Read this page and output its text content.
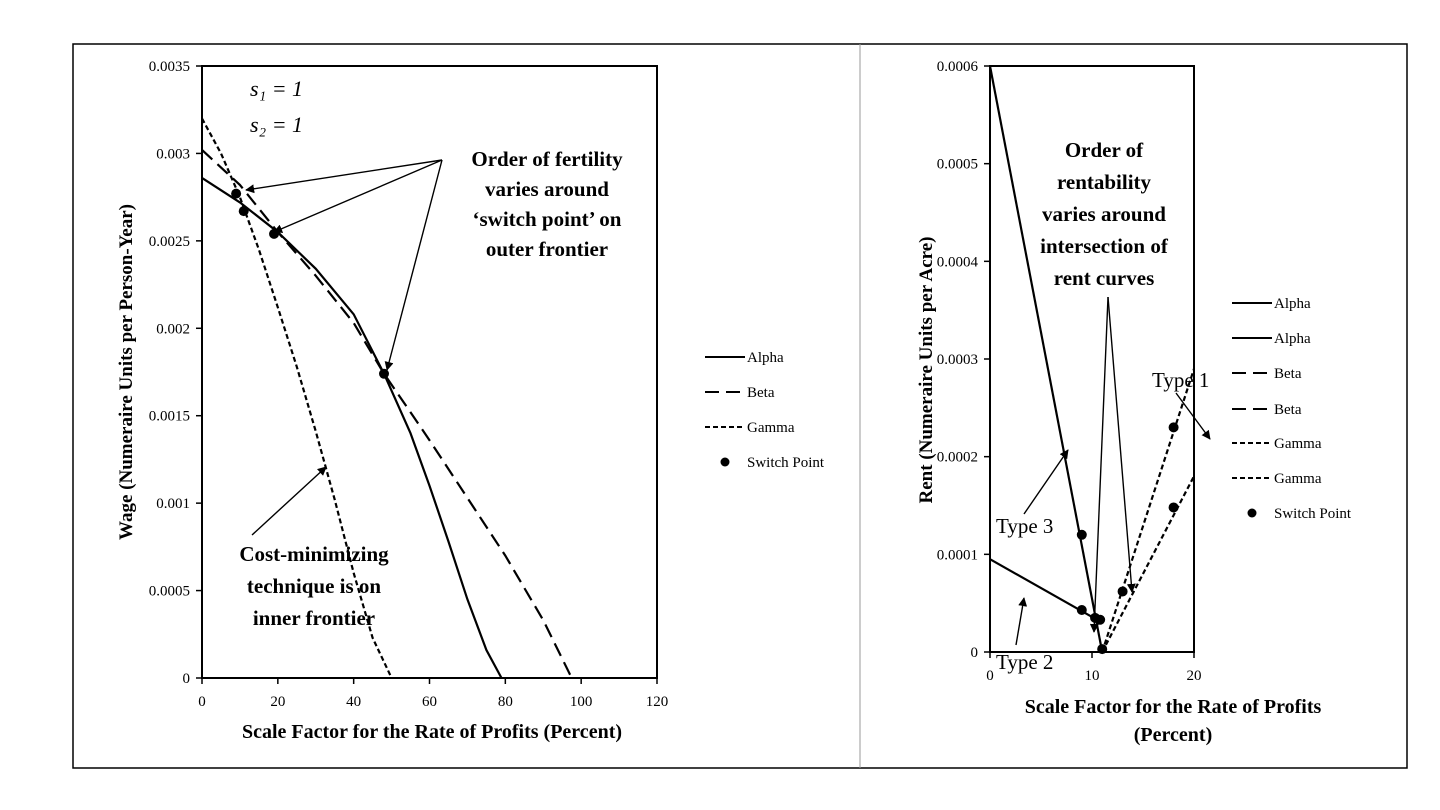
0
0.0005
0.001
0.0015
0.002
0.0025
0.003
0.0035
0	20	40	60	80	100	120
Wage (Numeraire Units per Person-Year)
Scale Factor for the Rate of Profits (Percent)
s₁ = 1
s₂ = 1
Order of fertility
varies around
‘switch point’ on
outer frontier
Cost-minimizing
technique is on
inner frontier
Alpha
Beta
Gamma
Switch Point
0
0.0001
0.0002
0.0003
0.0004
0.0005
0.0006
0	10	20
Rent (Numeraire Units per Acre)
Scale Factor for the Rate of Profits
Order of
rentability
varies around
intersection of
rent curves
Type 1
Type 3
Type 2
Alpha
Alpha
Beta
Beta
Gamma
Gamma
Switch Point
(Percent)
